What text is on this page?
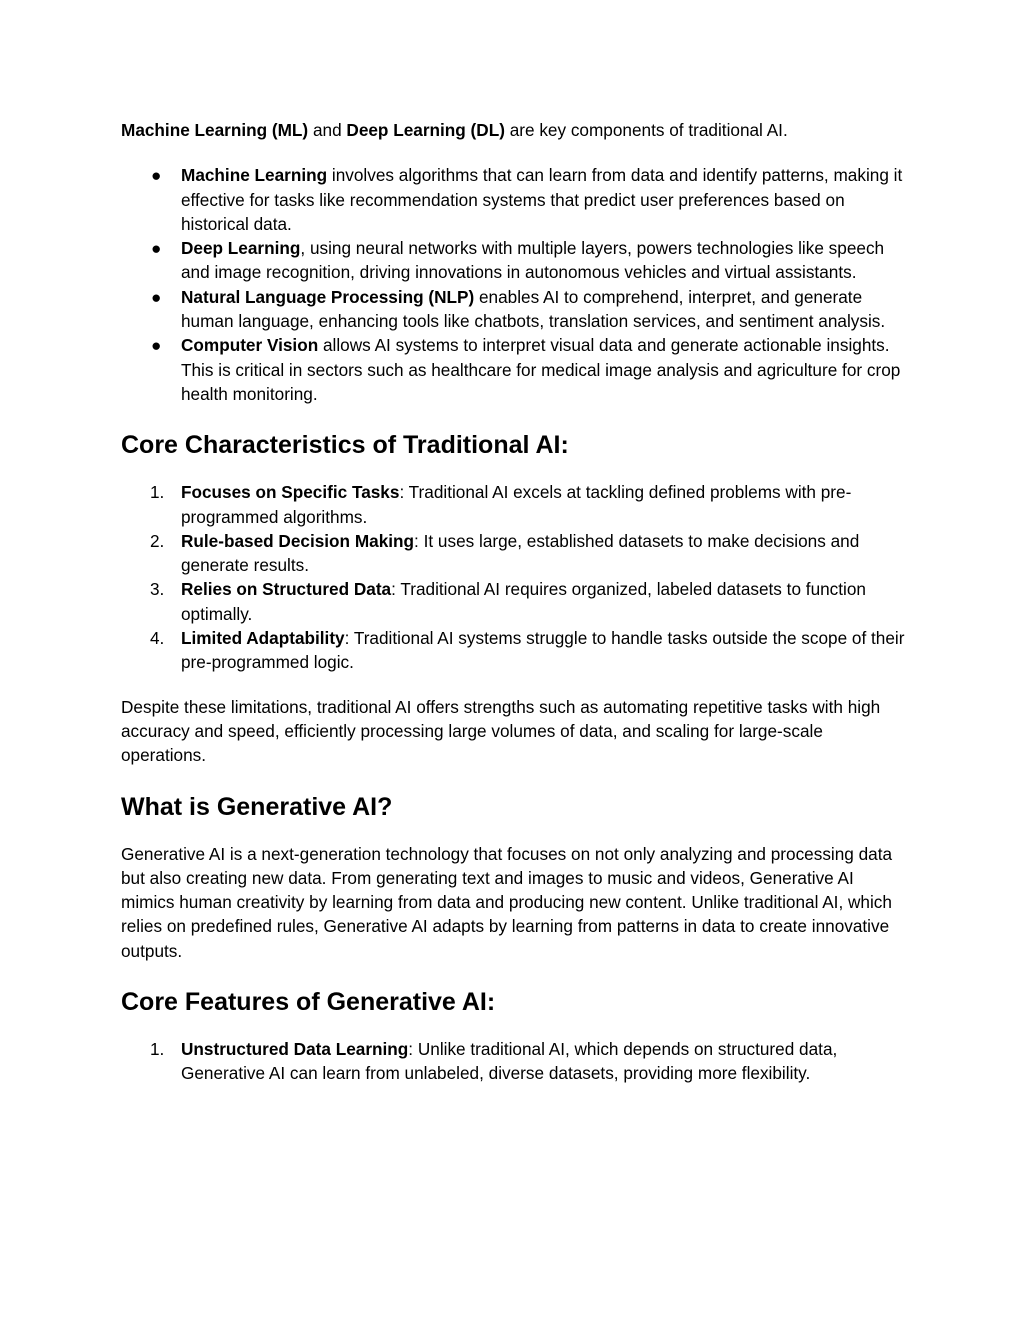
Machine Learning (ML) and Deep Learning (DL) are key components of traditional AI.

● Machine Learning involves algorithms that can learn from data and identify patterns, making it effective for tasks like recommendation systems that predict user preferences based on historical data.
● Deep Learning, using neural networks with multiple layers, powers technologies like speech and image recognition, driving innovations in autonomous vehicles and virtual assistants.
● Natural Language Processing (NLP) enables AI to comprehend, interpret, and generate human language, enhancing tools like chatbots, translation services, and sentiment analysis.
● Computer Vision allows AI systems to interpret visual data and generate actionable insights. This is critical in sectors such as healthcare for medical image analysis and agriculture for crop health monitoring.
Core Characteristics of Traditional AI:
1. Focuses on Specific Tasks: Traditional AI excels at tackling defined problems with pre-programmed algorithms.
2. Rule-based Decision Making: It uses large, established datasets to make decisions and generate results.
3. Relies on Structured Data: Traditional AI requires organized, labeled datasets to function optimally.
4. Limited Adaptability: Traditional AI systems struggle to handle tasks outside the scope of their pre-programmed logic.

Despite these limitations, traditional AI offers strengths such as automating repetitive tasks with high accuracy and speed, efficiently processing large volumes of data, and scaling for large-scale operations.

What is Generative AI?

Generative AI is a next-generation technology that focuses on not only analyzing and processing data but also creating new data. From generating text and images to music and videos, Generative AI mimics human creativity by learning from data and producing new content. Unlike traditional AI, which relies on predefined rules, Generative AI adapts by learning from patterns in data to create innovative outputs.

Core Features of Generative AI:
1. Unstructured Data Learning: Unlike traditional AI, which depends on structured data, Generative AI can learn from unlabeled, diverse datasets, providing more flexibility.
